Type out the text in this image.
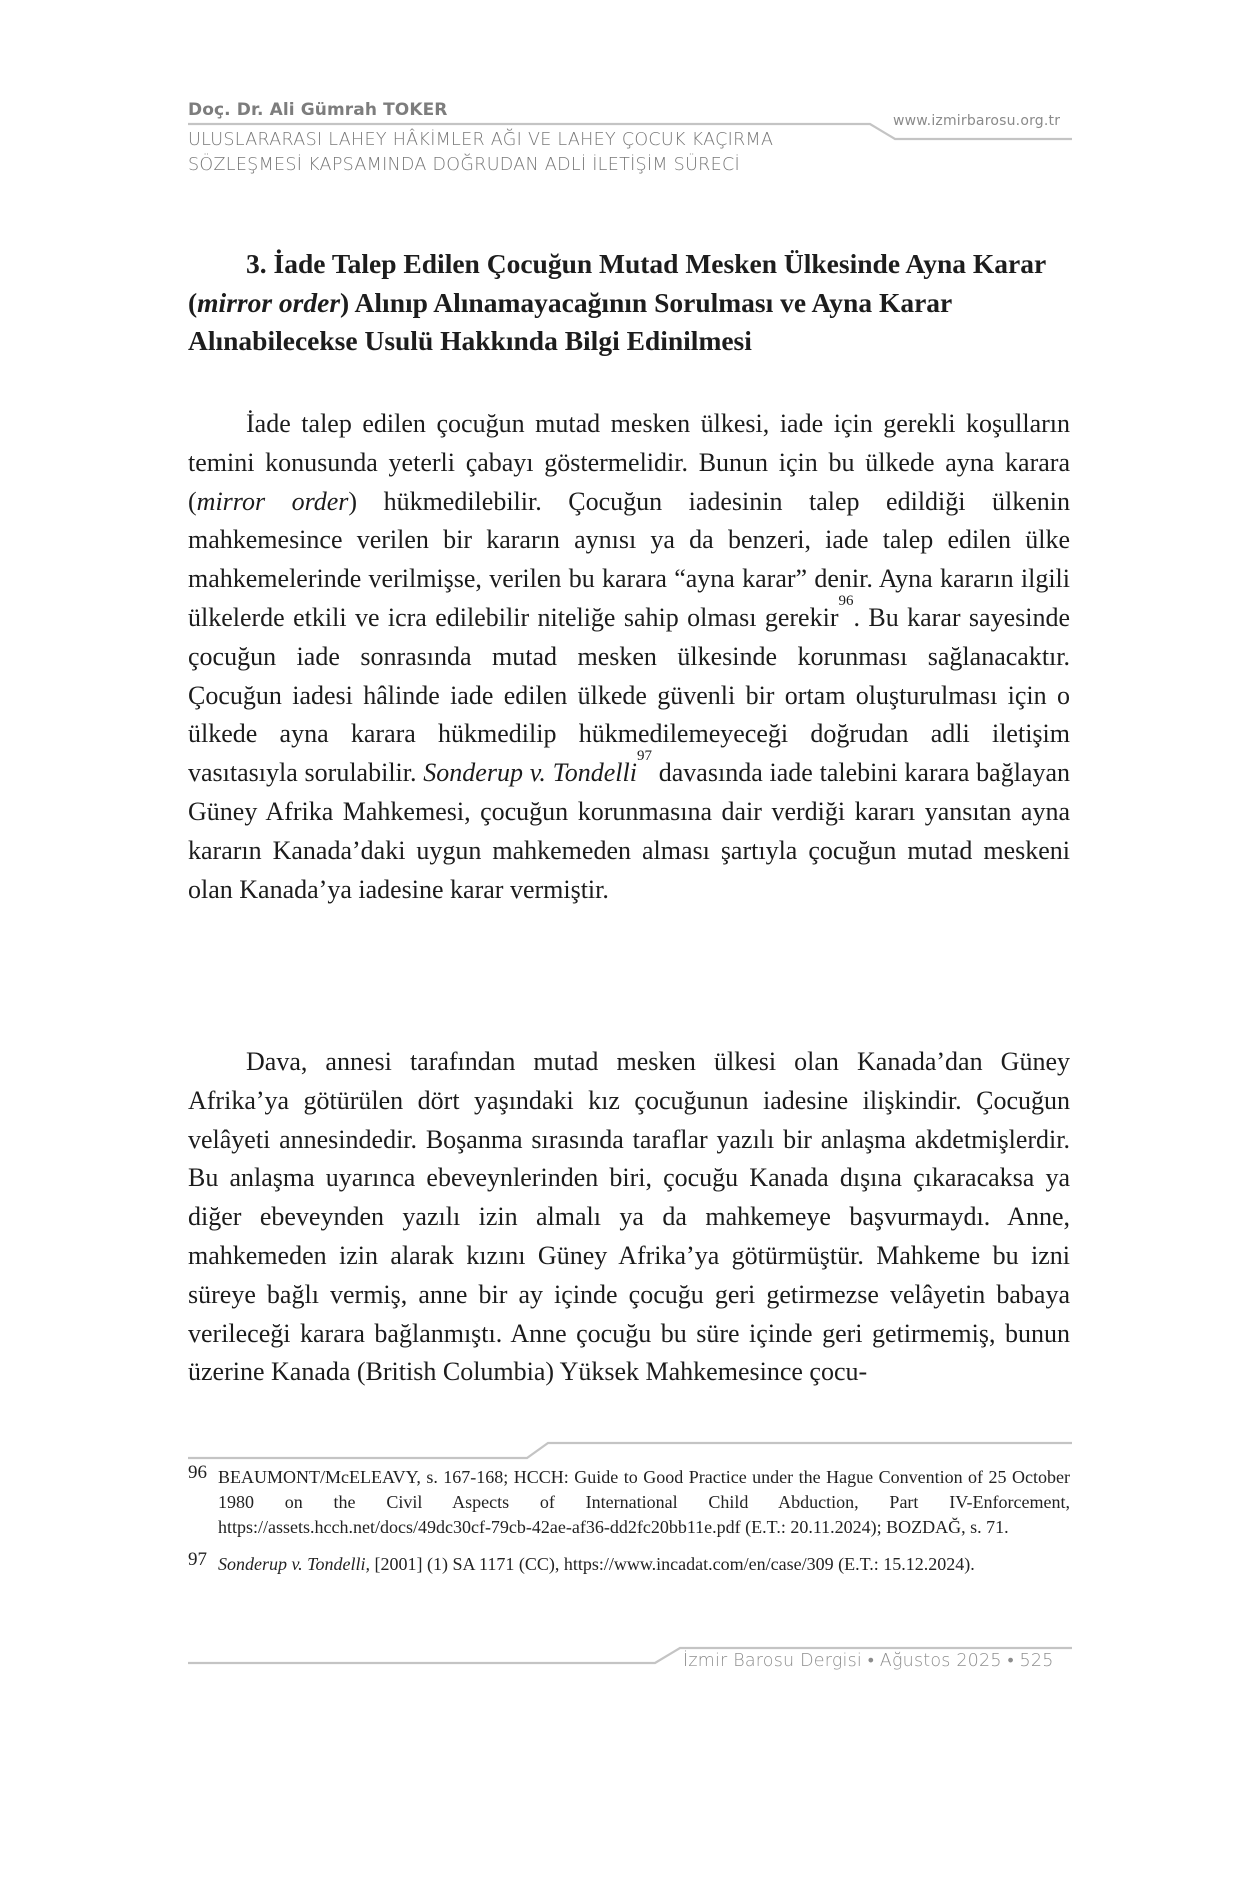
Doç. Dr. Ali Gümrah TOKER
ULUSLARARASI LAHEY HÂKİMLER AĞI VE LAHEY ÇOCUK KAÇIRMA
SÖZLEŞMESİ KAPSAMINDA DOĞRUDAN ADLİ İLETİŞİM SÜRECİ
www.izmirbarosu.org.tr
3. İade Talep Edilen Çocuğun Mutad Mesken Ülkesinde Ayna Karar (mirror order) Alınıp Alınamayacağının Sorulması ve Ayna Karar Alınabilecekse Usulü Hakkında Bilgi Edinilmesi

İade talep edilen çocuğun mutad mesken ülkesi, iade için gerekli koşulların temini konusunda yeterli çabayı göstermelidir. Bunun için bu ülkede ayna karara (mirror order) hükmedilebilir. Çocuğun iadesinin talep edildiği ülkenin mahkemesince verilen bir kararın aynısı ya da benzeri, iade talep edilen ülke mahkemelerinde verilmişse, verilen bu karara “ayna karar” denir. Ayna kararın ilgili ülkelerde etkili ve icra edilebilir niteliğe sahip olması gerekir$^{96}$. Bu karar sayesinde çocuğun iade sonrasında mutad mesken ülkesinde korunması sağlanacaktır. Çocuğun iadesi hâlinde iade edilen ülkede güvenli bir ortam oluşturulması için o ülkede ayna karara hükmedilip hükmedilemeyeceği doğrudan adli iletişim vasıtasıyla sorulabilir. Sonderup v. Tondelli$^{97}$ davasında iade talebini karara bağlayan Güney Afrika Mahkemesi, çocuğun korunmasına dair verdiği kararı yansıtan ayna kararın Kanada’daki uygun mahkemeden alması şartıyla çocuğun mutad meskeni olan Kanada’ya iadesine karar vermiştir.

Dava, annesi tarafından mutad mesken ülkesi olan Kanada’dan Güney Afrika’ya götürülen dört yaşındaki kız çocuğunun iadesine ilişkindir. Çocuğun velâyeti annesindedir. Boşanma sırasında taraflar yazılı bir anlaşma akdetmişlerdir. Bu anlaşma uyarınca ebeveynlerinden biri, çocuğu Kanada dışına çıkaracaksa ya diğer ebeveynden yazılı izin almalı ya da mahkemeye başvurmaydı. Anne, mahkemeden izin alarak kızını Güney Afrika’ya götürmüştür. Mahkeme bu izni süreye bağlı vermiş, anne bir ay içinde çocuğu geri getirmezse velâyetin babaya verileceği karara bağlanmıştı. Anne çocuğu bu süre içinde geri getirmemiş, bunun üzerine Kanada (British Columbia) Yüksek Mahkemesince çocu-

96 BEAUMONT/McELEAVY, s. 167-168; HCCH: Guide to Good Practice under the Hague Convention of 25 October 1980 on the Civil Aspects of International Child Abduction, Part IV-Enforcement, https://assets.hcch.net/docs/49dc30cf-79cb-42ae-af36-dd2fc20bb11e.pdf (E.T.: 20.11.2024); BOZDAĞ, s. 71.
97 Sonderup v. Tondelli, [2001] (1) SA 1171 (CC), https://www.incadat.com/en/case/309 (E.T.: 15.12.2024).
İzmir Barosu Dergisi • Ağustos 2025 • 525
